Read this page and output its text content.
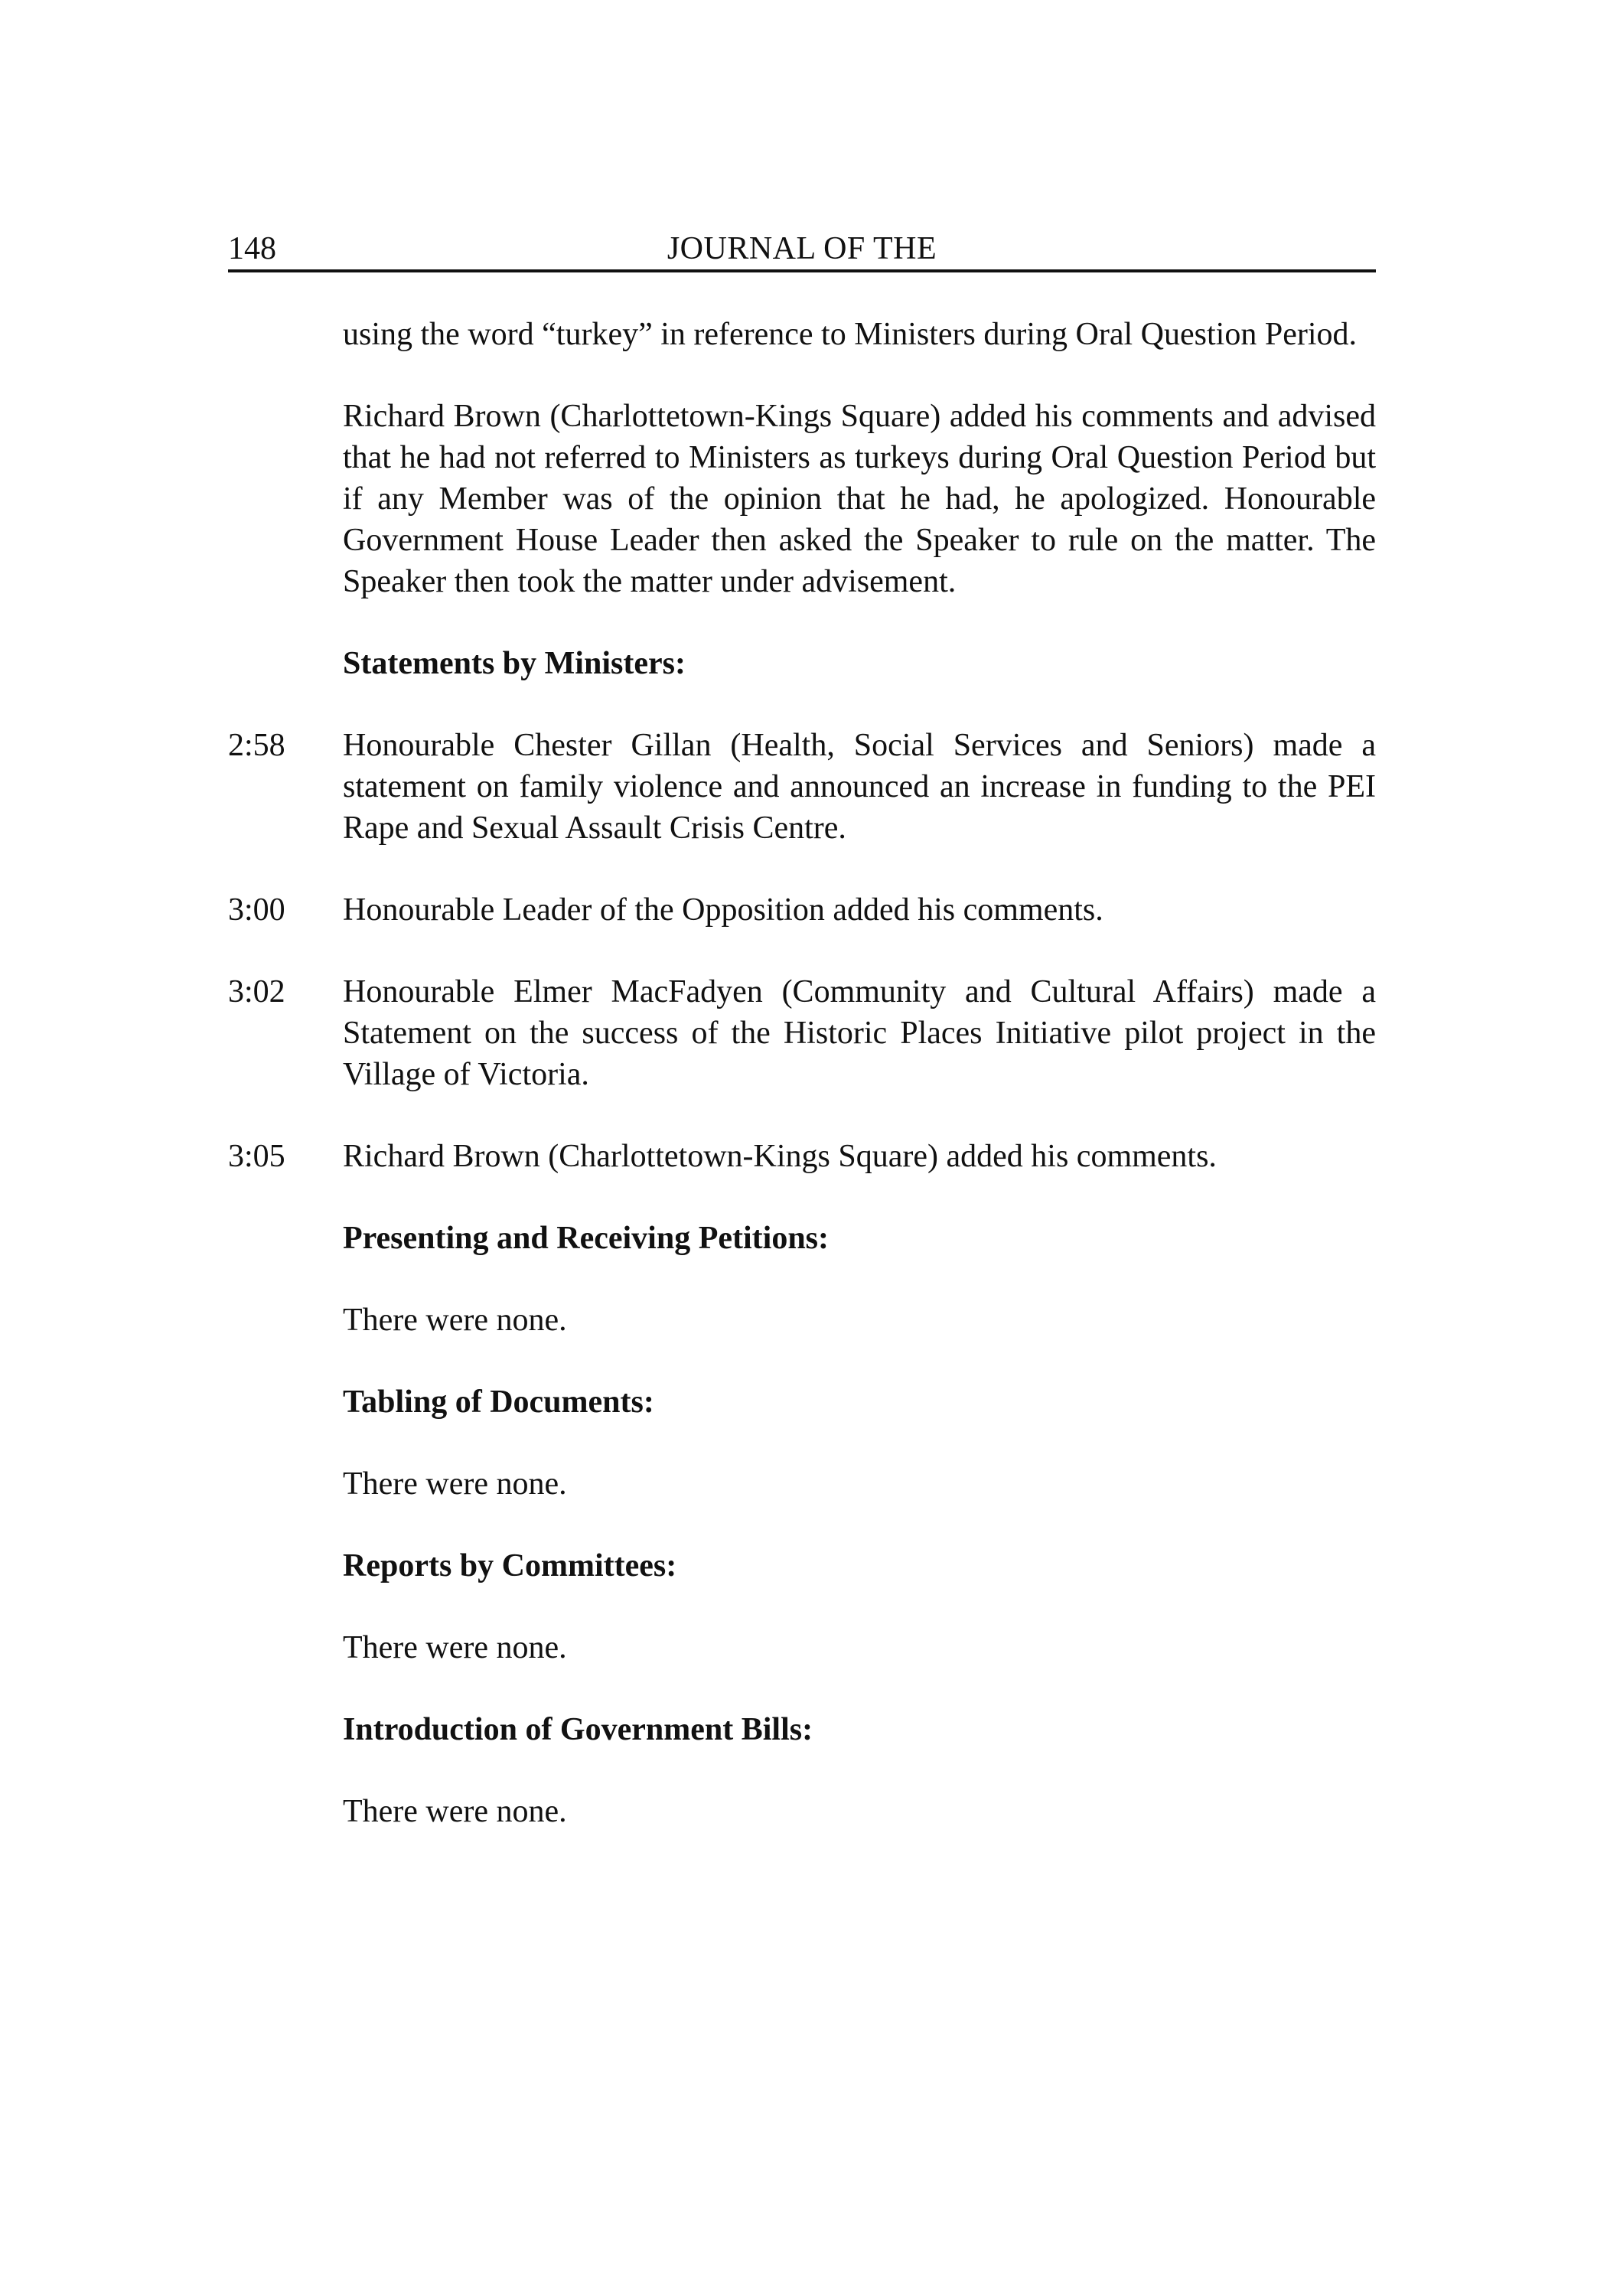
148	JOURNAL OF THE

using the word “turkey” in reference to Ministers during Oral Question Period.

Richard Brown (Charlottetown-Kings Square) added his comments and advised that he had not referred to Ministers as turkeys during Oral Question Period but if any Member was of the opinion that he had, he apologized. Honourable Government House Leader then asked the Speaker to rule on the matter. The Speaker then took the matter under advisement.

Statements by Ministers:

2:58 Honourable Chester Gillan (Health, Social Services and Seniors) made a statement on family violence and announced an increase in funding to the PEI Rape and Sexual Assault Crisis Centre.

3:00 Honourable Leader of the Opposition added his comments.

3:02 Honourable Elmer MacFadyen (Community and Cultural Affairs) made a Statement on the success of the Historic Places Initiative pilot project in the Village of Victoria.

3:05 Richard Brown (Charlottetown-Kings Square) added his comments.

Presenting and Receiving Petitions:

There were none.

Tabling of Documents:

There were none.

Reports by Committees:

There were none.

Introduction of Government Bills:

There were none.
